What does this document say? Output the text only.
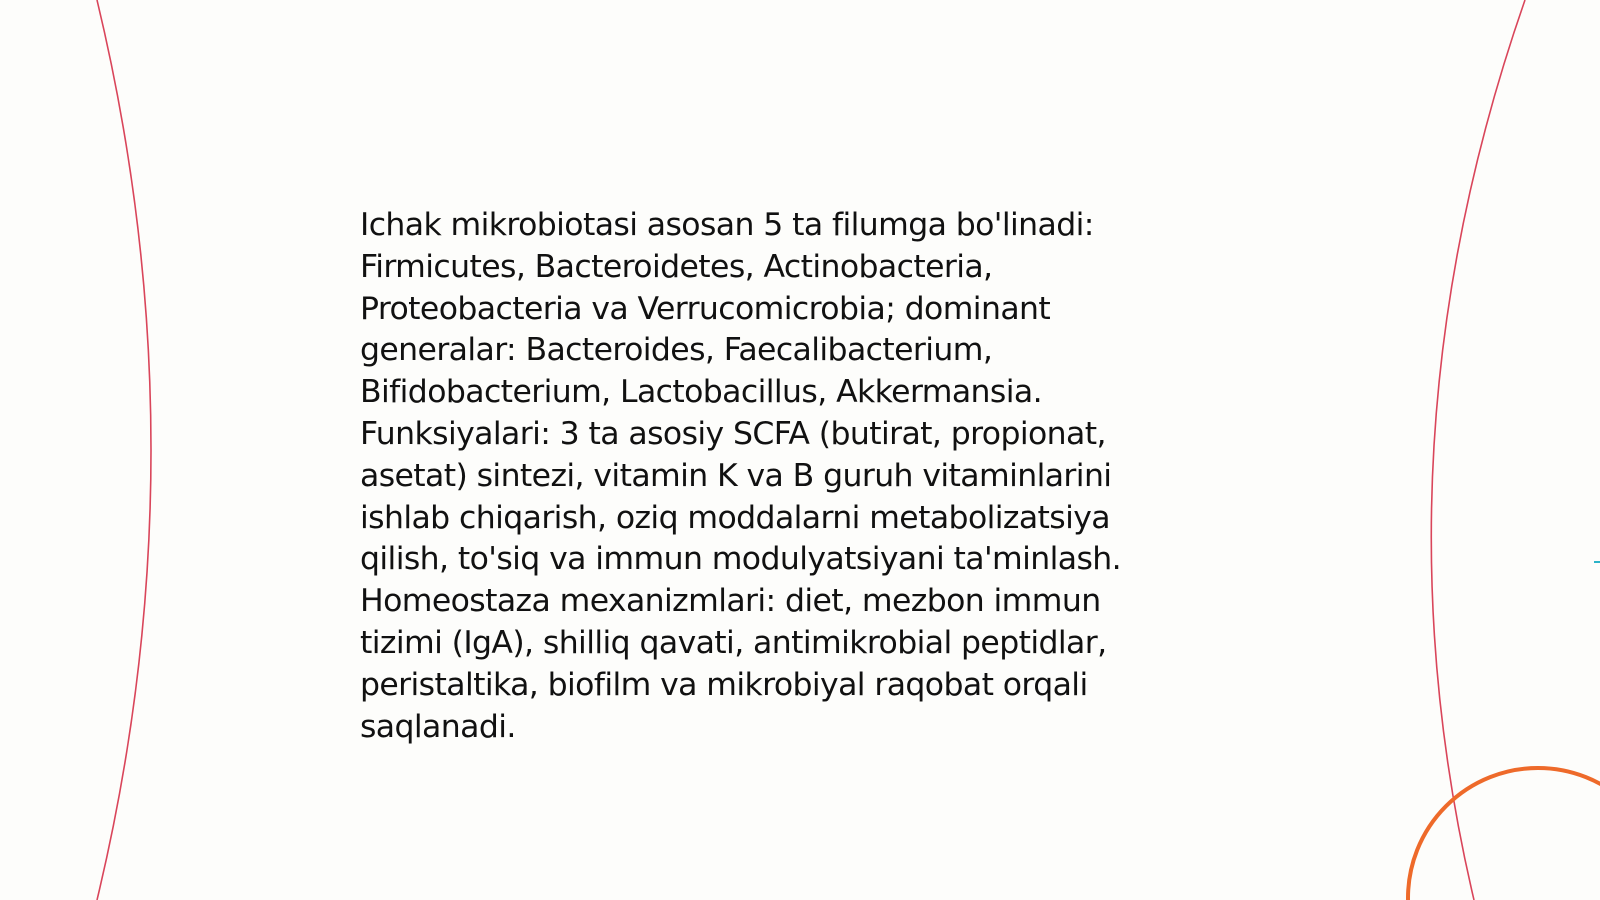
Ichak mikrobiotasi asosan 5 ta filumga bo'linadi:
Firmicutes, Bacteroidetes, Actinobacteria,
Proteobacteria va Verrucomicrobia; dominant
generalar: Bacteroides, Faecalibacterium,
Bifidobacterium, Lactobacillus, Akkermansia.
Funksiyalari: 3 ta asosiy SCFA (butirat, propionat,
asetat) sintezi, vitamin K va B guruh vitaminlarini
ishlab chiqarish, oziq moddalarni metabolizatsiya
qilish, to'siq va immun modulyatsiyani ta'minlash.
Homeostaza mexanizmlari: diet, mezbon immun
tizimi (IgA), shilliq qavati, antimikrobial peptidlar,
peristaltika, biofilm va mikrobiyal raqobat orqali
saqlanadi.
